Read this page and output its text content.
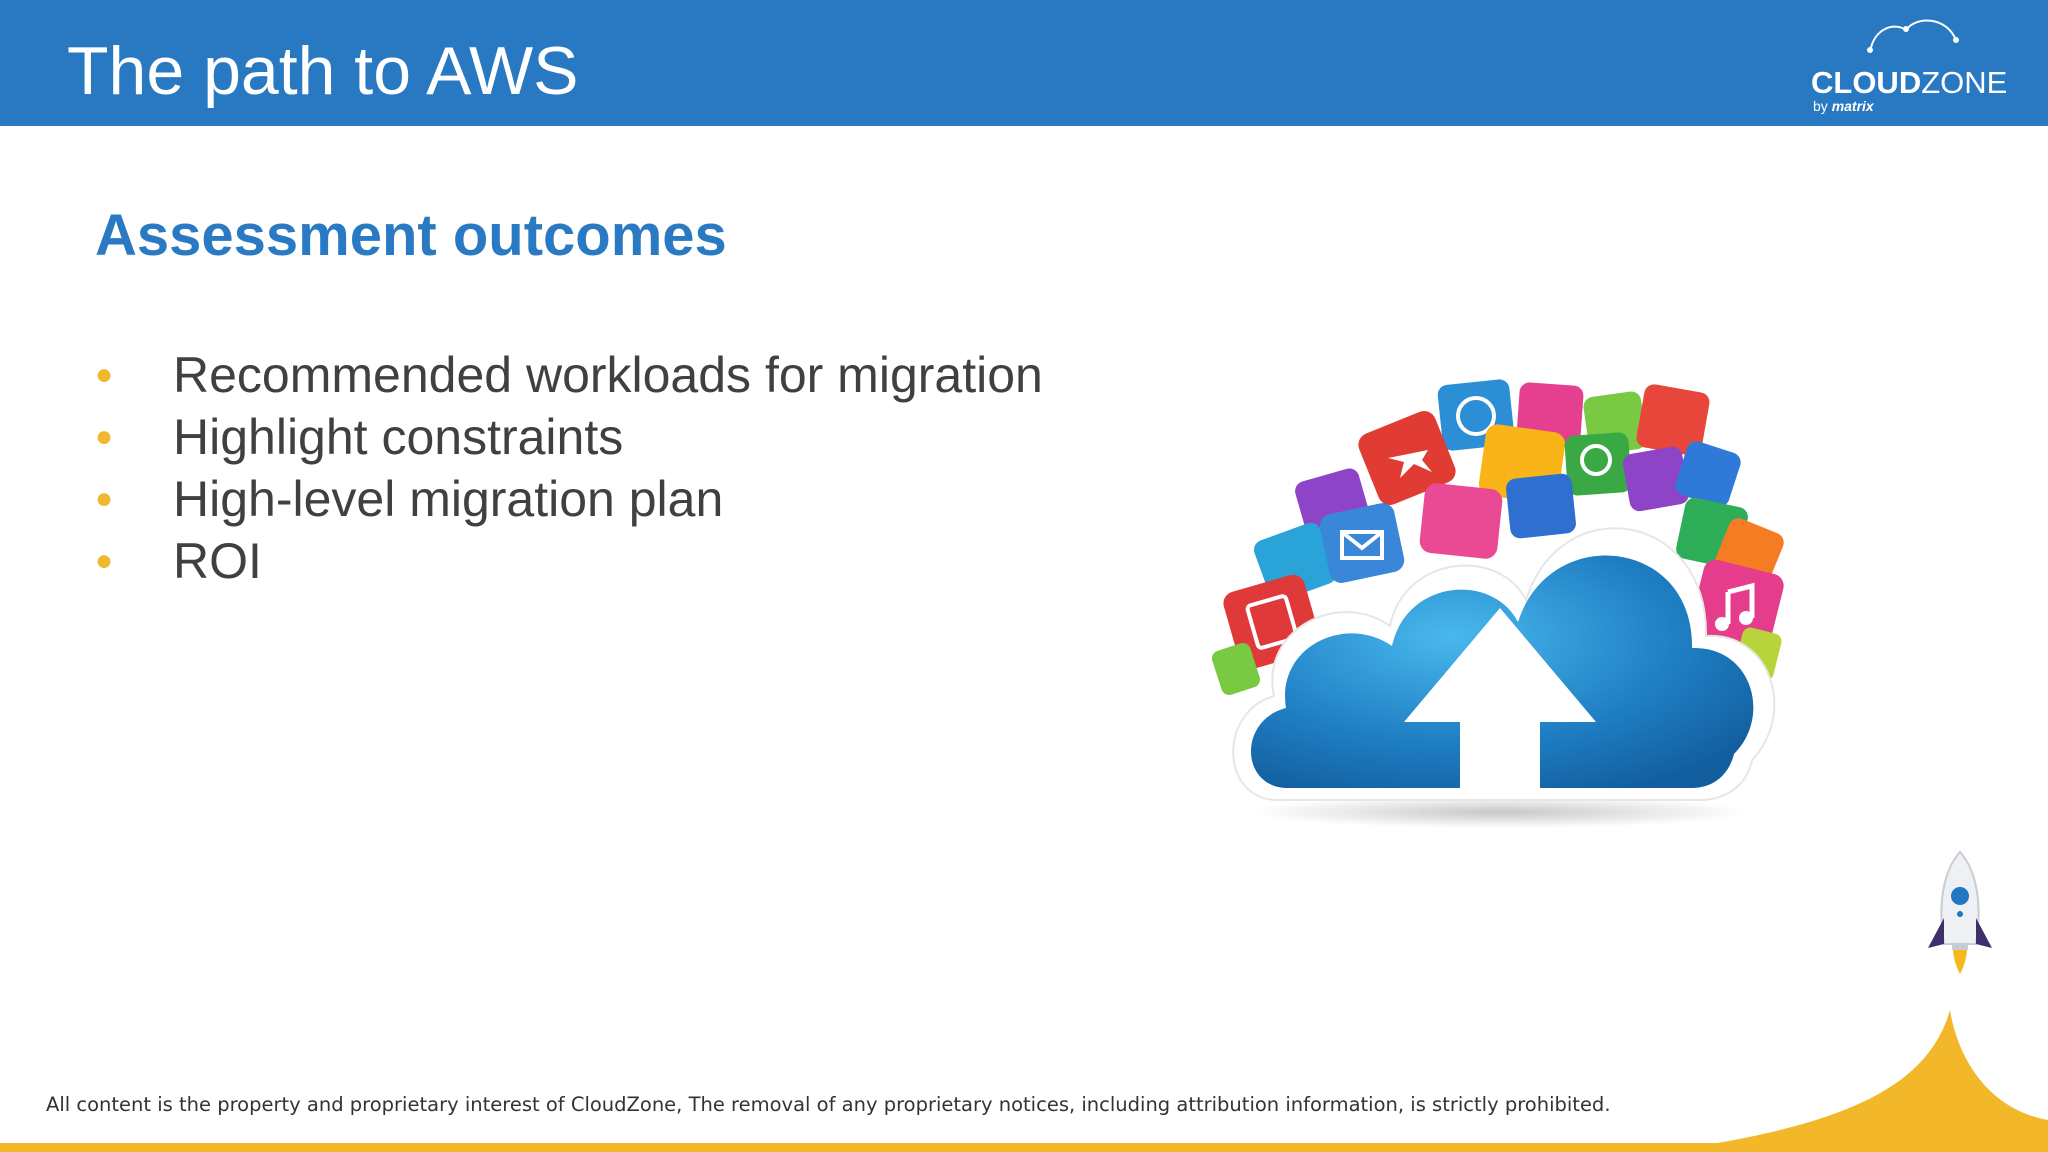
The path to AWS	CLOUDZONE
by matrix
Assessment outcomes
●	Recommended workloads for migration
●	Highlight constraints
●	High-level migration plan
●	ROI
All content is the property and proprietary interest of CloudZone, The removal of any proprietary notices, including attribution information, is strictly prohibited.
